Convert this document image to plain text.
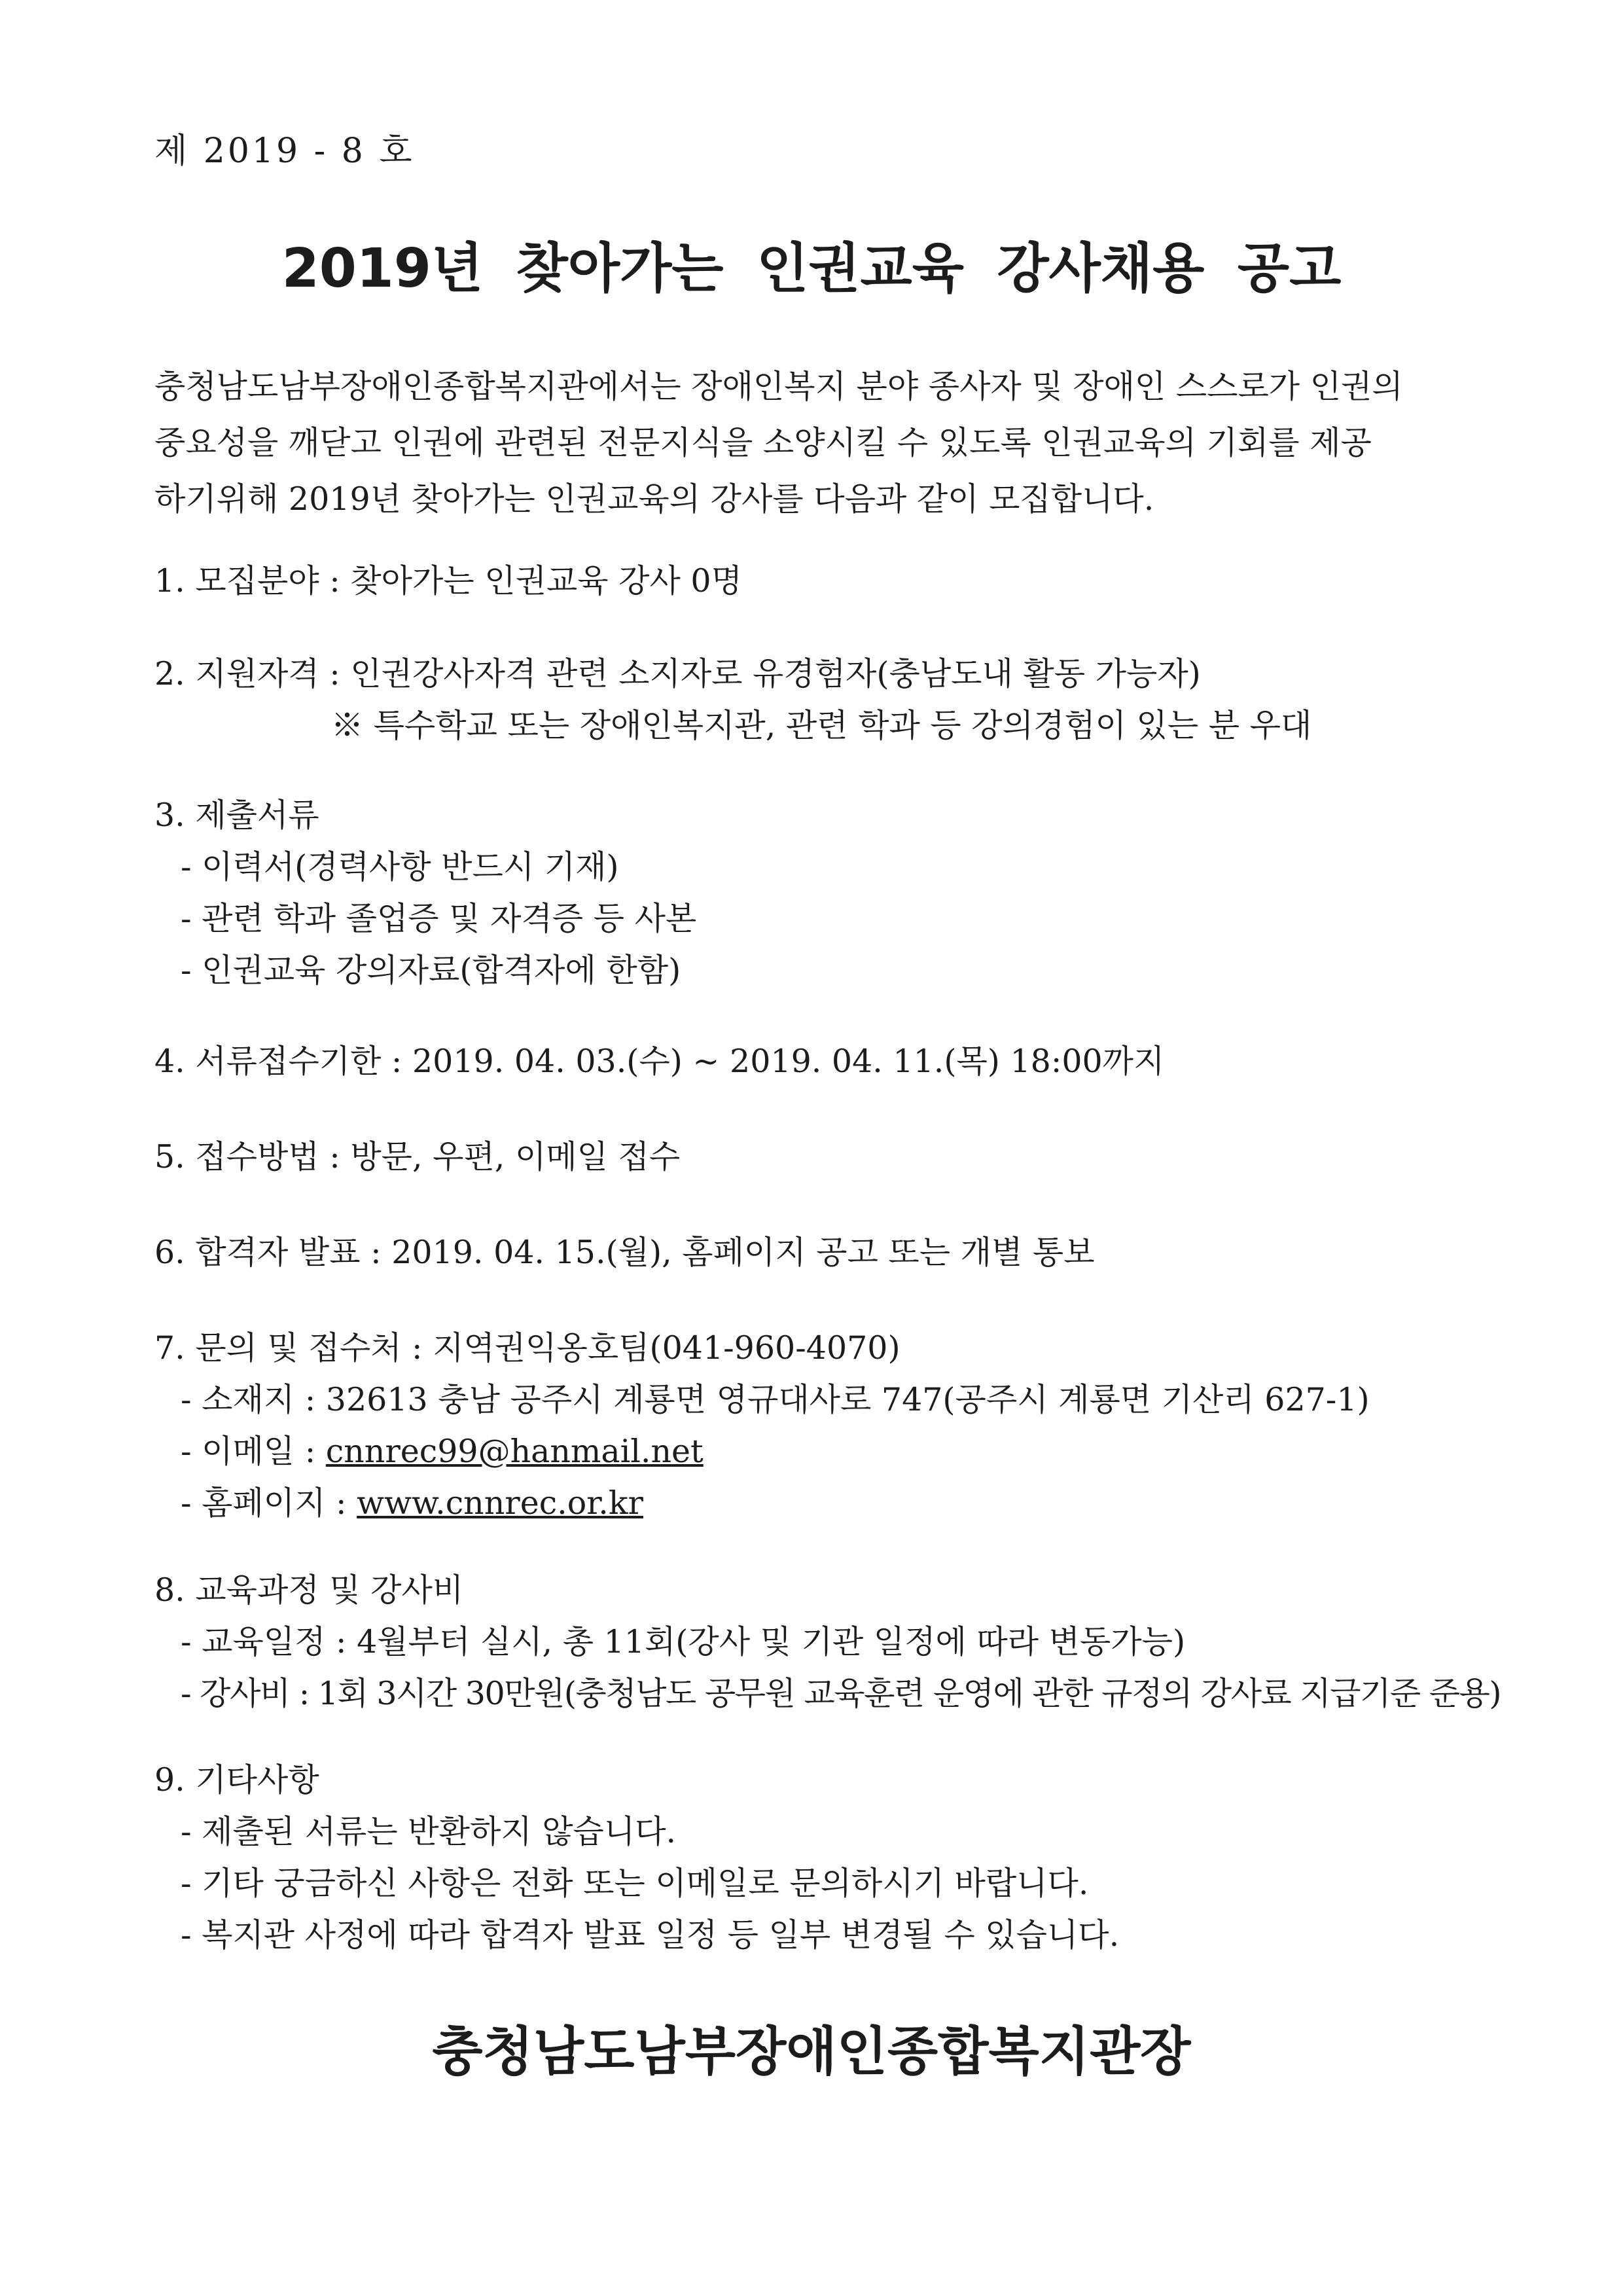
제 2019 - 8 호
2019년 찾아가는 인권교육 강사채용 공고

충청남도남부장애인종합복지관에서는 장애인복지 분야 종사자 및 장애인 스스로가 인권의

중요성을 깨닫고 인권에 관련된 전문지식을 소양시킬 수 있도록 인권교육의 기회를 제공

하기위해 2019년 찾아가는 인권교육의 강사를 다음과 같이 모집합니다.

1. 모집분야 : 찾아가는 인권교육 강사 0명
2. 지원자격 : 인권강사자격 관련 소지자로 유경험자(충남도내 활동 가능자)
※ 특수학교 또는 장애인복지관, 관련 학과 등 강의경험이 있는 분 우대
3. 제출서류
- 이력서(경력사항 반드시 기재)
- 관련 학과 졸업증 및 자격증 등 사본
- 인권교육 강의자료(합격자에 한함)
4. 서류접수기한 : 2019. 04. 03.(수) ~ 2019. 04. 11.(목) 18:00까지
5. 접수방법 : 방문, 우편, 이메일 접수
6. 합격자 발표 : 2019. 04. 15.(월), 홈페이지 공고 또는 개별 통보
7. 문의 및 접수처 : 지역권익옹호팀(041-960-4070)
- 소재지 : 32613 충남 공주시 계룡면 영규대사로 747(공주시 계룡면 기산리 627-1)
- 이메일 : cnnrec99@hanmail.net
- 홈페이지 : www.cnnrec.or.kr
8. 교육과정 및 강사비
- 교육일정 : 4월부터 실시, 총 11회(강사 및 기관 일정에 따라 변동가능)
- 강사비 : 1회 3시간 30만원(충청남도 공무원 교육훈련 운영에 관한 규정의 강사료 지급기준 준용)
9. 기타사항
- 제출된 서류는 반환하지 않습니다.
- 기타 궁금하신 사항은 전화 또는 이메일로 문의하시기 바랍니다.
- 복지관 사정에 따라 합격자 발표 일정 등 일부 변경될 수 있습니다.
충청남도남부장애인종합복지관장
